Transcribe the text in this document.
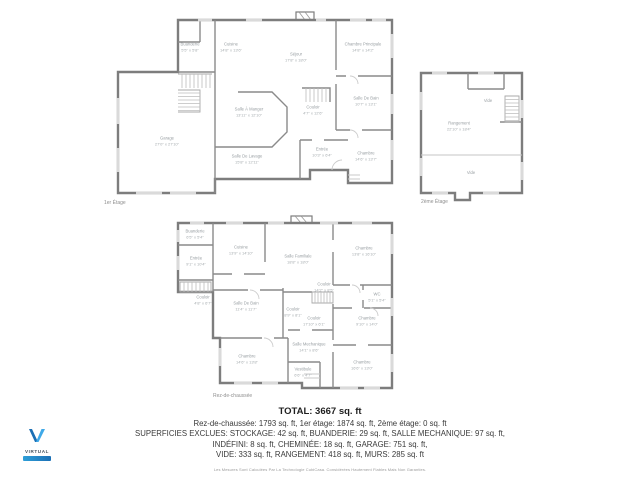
Buanderie
5'5" x 5'8"
Cuisine
14'8" x 13'6"
Séjour
17'8" x 18'0"
Chambre Principale
14'8" x 14'2"
Salle À Manger
13'11" x 12'10"
Couloir
4'7" x 12'6"
Salle De Bain
10'7" x 13'1"
Salle De Lavage
15'8" x 12'11"
Entrée
10'3" x 6'4"	Chambre
14'6" x 13'7"
Garage
27'0" x 27'10"
Vide
Rangement
22'10" x 18'4"
Vide
Buanderie
6'5" x 5'4"
Entrée
9'1" x 10'4"
Couloir
4'8" x 6'7"
Cuisine
13'9" x 14'10"
Salle Familiale
18'8" x 18'0"
Chambre
13'8" x 16'10"
Salle De Bain
11'4" x 11'7"	Couloir
8'9" x 8'1"
Couloir
14'2" x 8'5"
WC
5'1" x 5'4"
Chambre
9'10" x 14'0"
Couloir
17'10" x 6'1"
Salle Mechanique
14'1" x 8'6"
Chambre
14'6" x 13'8"
Vestibule
6'6" x 4'7"
Chambre
16'6" x 13'0"
1er Étage	2ème Étage
Rez-de-chaussée
TOTAL: 3667 sq. ft
Rez-de-chaussée: 1793 sq. ft, 1er étage: 1874 sq. ft, 2ème étage: 0 sq. ft
SUPERFICIES EXCLUES: STOCKAGE: 42 sq. ft, BUANDERIE: 29 sq. ft, SALLE MECHANIQUE: 97 sq. ft,
INDÉFINI: 8 sq. ft, CHEMINÉE: 18 sq. ft, GARAGE: 751 sq. ft,
VIDE: 333 sq. ft, RANGEMENT: 418 sq. ft, MURS: 285 sq. ft
Les Mesures Sont Calculées Par La Technologie CubiCasa. Considérées Hautement Fiables Mais Non Garanties.
VIRTUAL
